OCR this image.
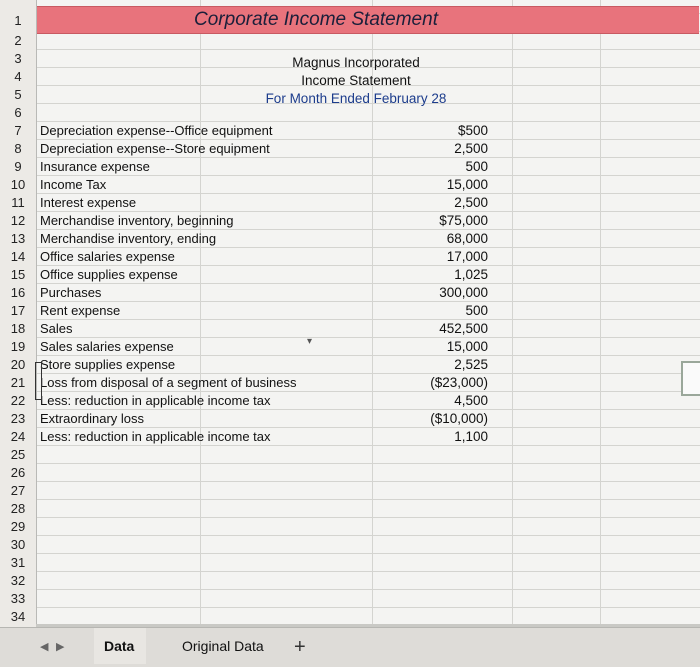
Corporate Income Statement
Magnus Incorporated
Income Statement
For Month Ended February 28
Depreciation expense--Office equipment	$500
Depreciation expense--Store equipment	2,500
Insurance expense	500
Income Tax	15,000
Interest expense	2,500
Merchandise inventory, beginning	$75,000
Merchandise inventory, ending	68,000
Office salaries expense	17,000
Office supplies expense	1,025
Purchases	300,000
Rent expense	500
Sales	452,500
Sales salaries expense	15,000
Store supplies expense	2,525
Loss from disposal of a segment of business	($23,000)
Less: reduction in applicable income tax	4,500
Extraordinary loss	($10,000)
Less: reduction in applicable income tax	1,100
1
2
3
4
5
6
7
8
9
10
11
12
13
14
15
16
17
18
19
20
21
22
23
24
25
26
27
28
29
30
31
32
33
34
▾
◀ ▶	Data	Original Data	+
